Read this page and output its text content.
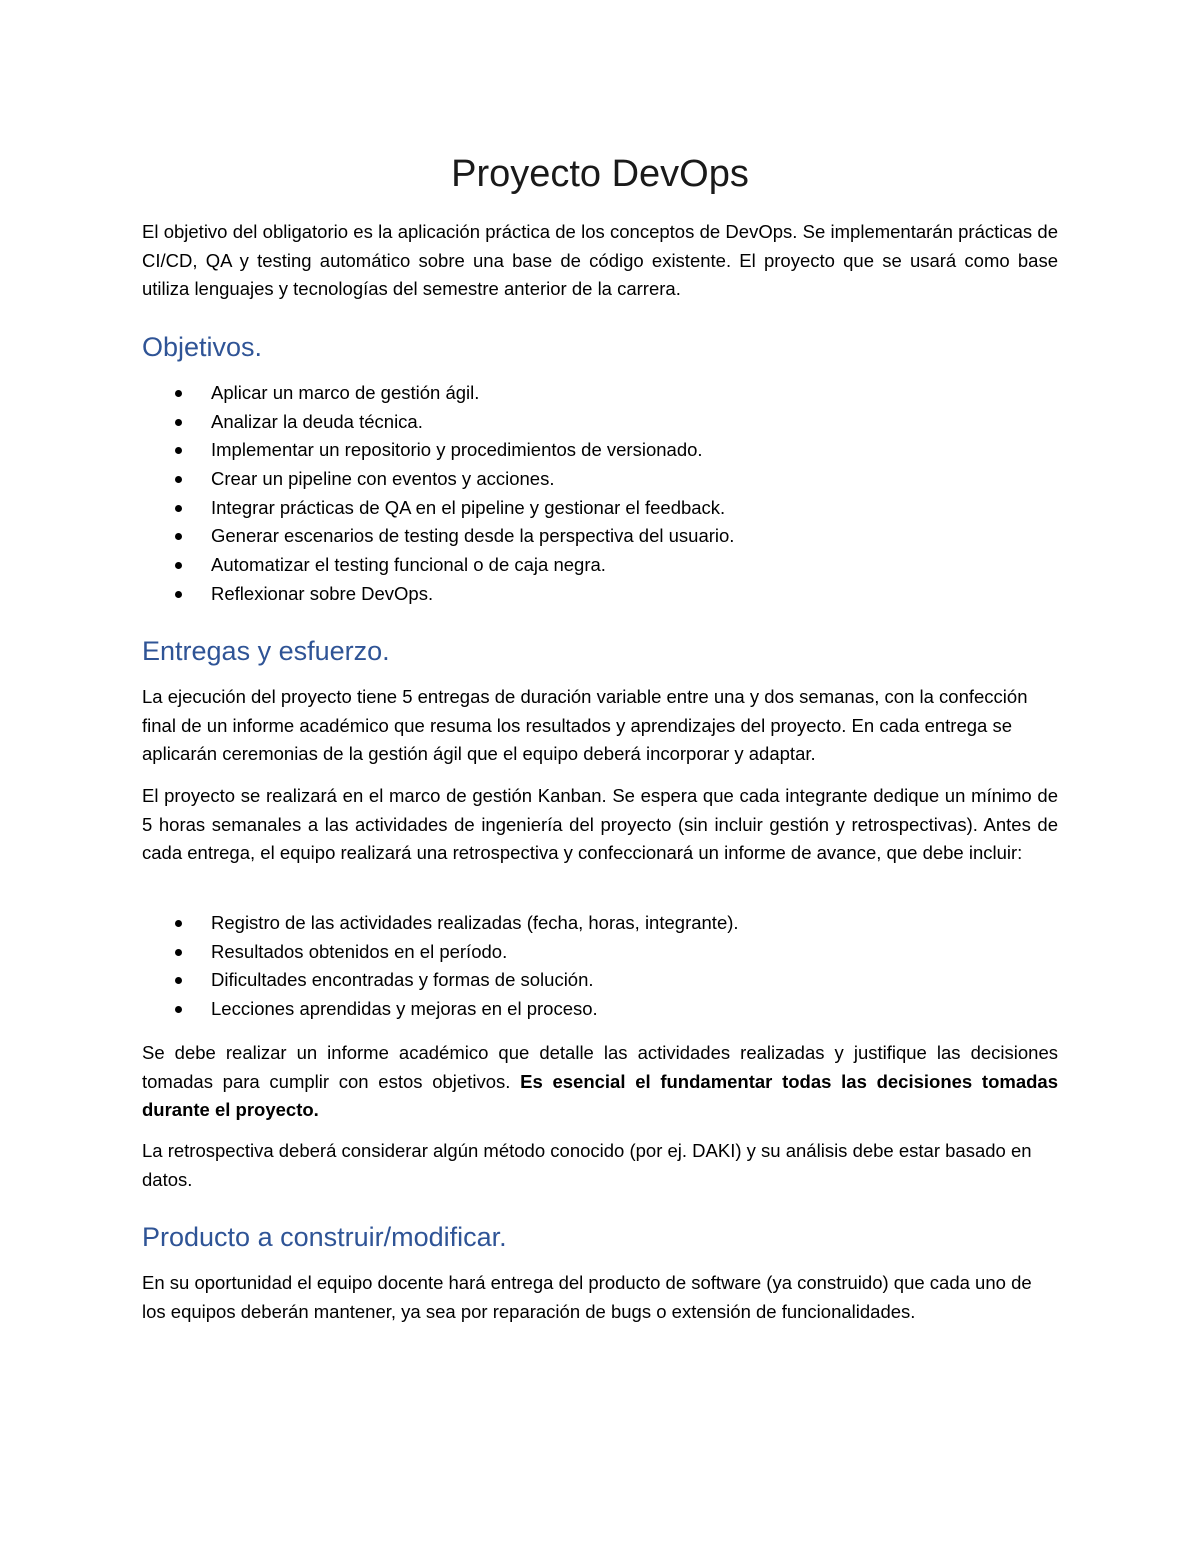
Proyecto DevOps

El objetivo del obligatorio es la aplicación práctica de los conceptos de DevOps. Se implementarán prácticas de CI/CD, QA y testing automático sobre una base de código existente. El proyecto que se usará como base utiliza lenguajes y tecnologías del semestre anterior de la carrera.

Objetivos.
Aplicar un marco de gestión ágil.
Analizar la deuda técnica.
Implementar un repositorio y procedimientos de versionado.
Crear un pipeline con eventos y acciones.
Integrar prácticas de QA en el pipeline y gestionar el feedback.
Generar escenarios de testing desde la perspectiva del usuario.
Automatizar el testing funcional o de caja negra.
Reflexionar sobre DevOps.
Entregas y esfuerzo.

La ejecución del proyecto tiene 5 entregas de duración variable entre una y dos semanas, con la confección final de un informe académico que resuma los resultados y aprendizajes del proyecto. En cada entrega se aplicarán ceremonias de la gestión ágil que el equipo deberá incorporar y adaptar.

El proyecto se realizará en el marco de gestión Kanban. Se espera que cada integrante dedique un mínimo de 5 horas semanales a las actividades de ingeniería del proyecto (sin incluir gestión y retrospectivas). Antes de cada entrega, el equipo realizará una retrospectiva y confeccionará un informe de avance, que debe incluir:

Registro de las actividades realizadas (fecha, horas, integrante).
Resultados obtenidos en el período.
Dificultades encontradas y formas de solución.
Lecciones aprendidas y mejoras en el proceso.

Se debe realizar un informe académico que detalle las actividades realizadas y justifique las decisiones tomadas para cumplir con estos objetivos. Es esencial el fundamentar todas las decisiones tomadas durante el proyecto.

La retrospectiva deberá considerar algún método conocido (por ej. DAKI) y su análisis debe estar basado en datos.

Producto a construir/modificar.

En su oportunidad el equipo docente hará entrega del producto de software (ya construido) que cada uno de los equipos deberán mantener, ya sea por reparación de bugs o extensión de funcionalidades.
